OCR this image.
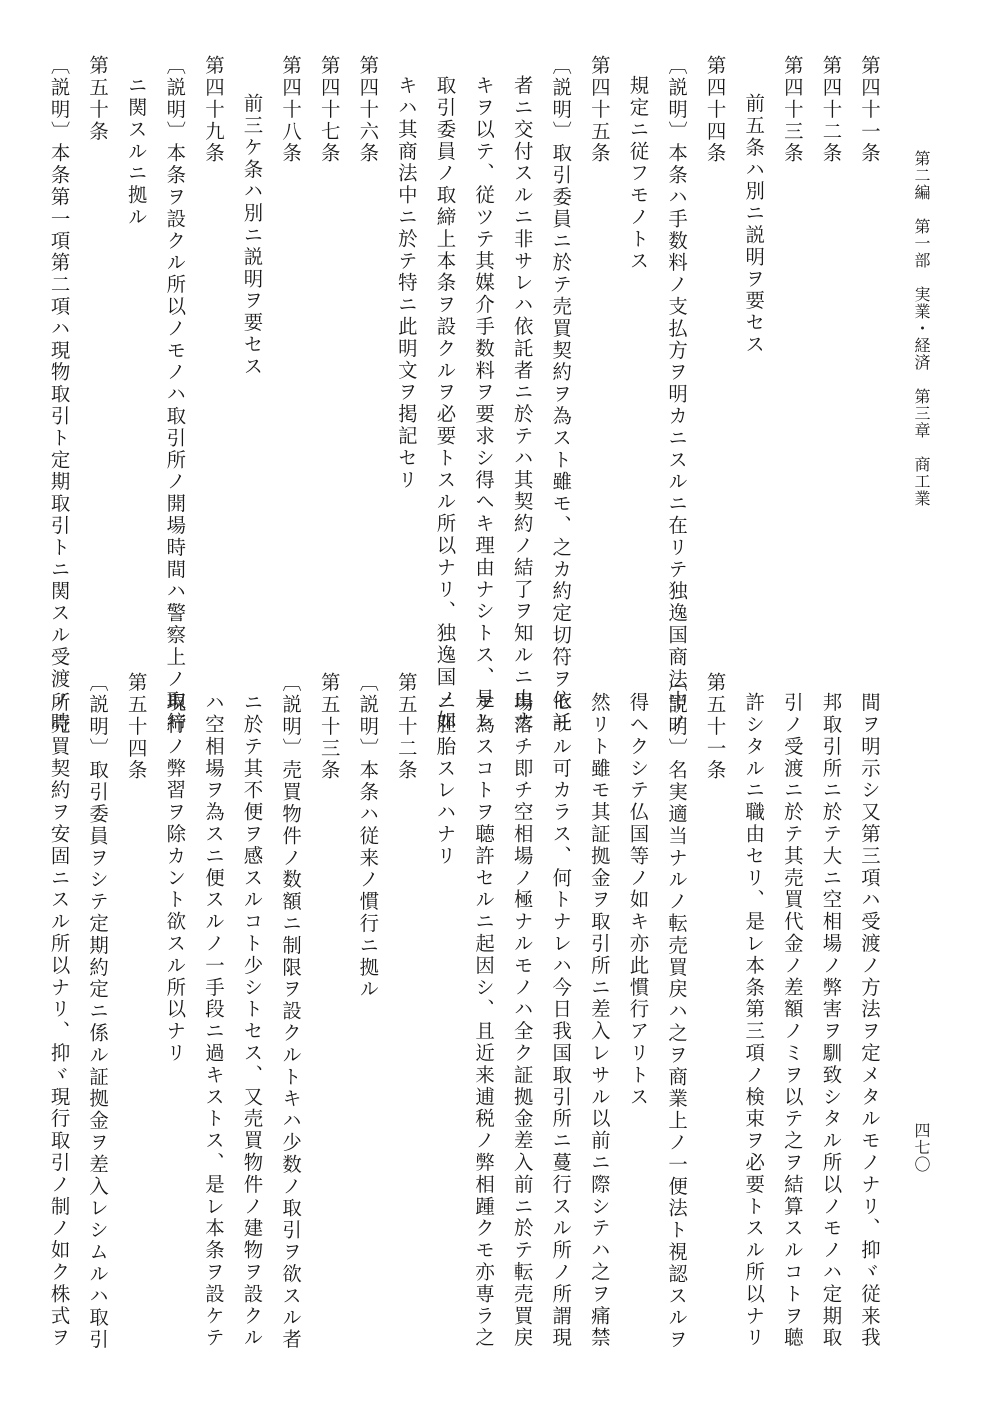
第二編　第一部　実業・経済　第三章　商工業
四七〇
第四十一条
第四十二条
第四十三条
前五条ハ別ニ説明ヲ要セス
第四十四条
〔説明〕本条ハ手数料ノ支払方ヲ明カニスルニ在リテ独逸国商法中ノ
規定ニ従フモノトス
第四十五条
〔説明〕取引委員ニ於テ売買契約ヲ為スト雖モ、之カ約定切符ヲ依託
者ニ交付スルニ非サレハ依託者ニ於テハ其契約ノ結了ヲ知ルニ由ナ
キヲ以テ、従ツテ其媒介手数料ヲ要求シ得ヘキ理由ナシトス、是レ
取引委員ノ取締上本条ヲ設クルヲ必要トスル所以ナリ、独逸国ノ如
キハ其商法中ニ於テ特ニ此明文ヲ掲記セリ
第四十六条
第四十七条
第四十八条
前三ケ条ハ別ニ説明ヲ要セス
第四十九条
〔説明〕本条ヲ設クル所以ノモノハ取引所ノ開場時間ハ警察上ノ取締
ニ関スルニ拠ル
第五十条
〔説明〕本条第一項第二項ハ現物取引ト定期取引トニ関スル受渡ノ時
間ヲ明示シ又第三項ハ受渡ノ方法ヲ定メタルモノナリ、抑ヾ従来我
邦取引所ニ於テ大ニ空相場ノ弊害ヲ馴致シタル所以ノモノハ定期取
引ノ受渡ニ於テ其売買代金ノ差額ノミヲ以テ之ヲ結算スルコトヲ聴
許シタルニ職由セリ、是レ本条第三項ノ検束ヲ必要トスル所以ナリ
第五十一条
〔説明〕名実適当ナルノ転売買戻ハ之ヲ商業上ノ一便法ト視認スルヲ
得ヘクシテ仏国等ノ如キ亦此慣行アリトス
然リト雖モ其証拠金ヲ取引所ニ差入レサル以前ニ際シテハ之ヲ痛禁
セサル可カラス、何トナレハ今日我国取引所ニ蔓行スル所ノ所謂現
場落チ即チ空相場ノ極ナルモノハ全ク証拠金差入前ニ於テ転売買戻
ヲ為スコトヲ聴許セルニ起因シ、且近来逋税ノ弊相踵クモ亦専ラ之
ニ胚胎スレハナリ
第五十二条
〔説明〕本条ハ従来ノ慣行ニ拠ル
第五十三条
〔説明〕売買物件ノ数額ニ制限ヲ設クルトキハ少数ノ取引ヲ欲スル者
ニ於テ其不便ヲ感スルコト少シトセス、又売買物件ノ建物ヲ設クル
ハ空相場ヲ為スニ便スルノ一手段ニ過キストス、是レ本条ヲ設ケテ
現行ノ弊習ヲ除カント欲スル所以ナリ
第五十四条
〔説明〕取引委員ヲシテ定期約定ニ係ル証拠金ヲ差入レシムルハ取引
所売買契約ヲ安固ニスル所以ナリ、抑ヾ現行取引ノ制ノ如ク株式ヲ
